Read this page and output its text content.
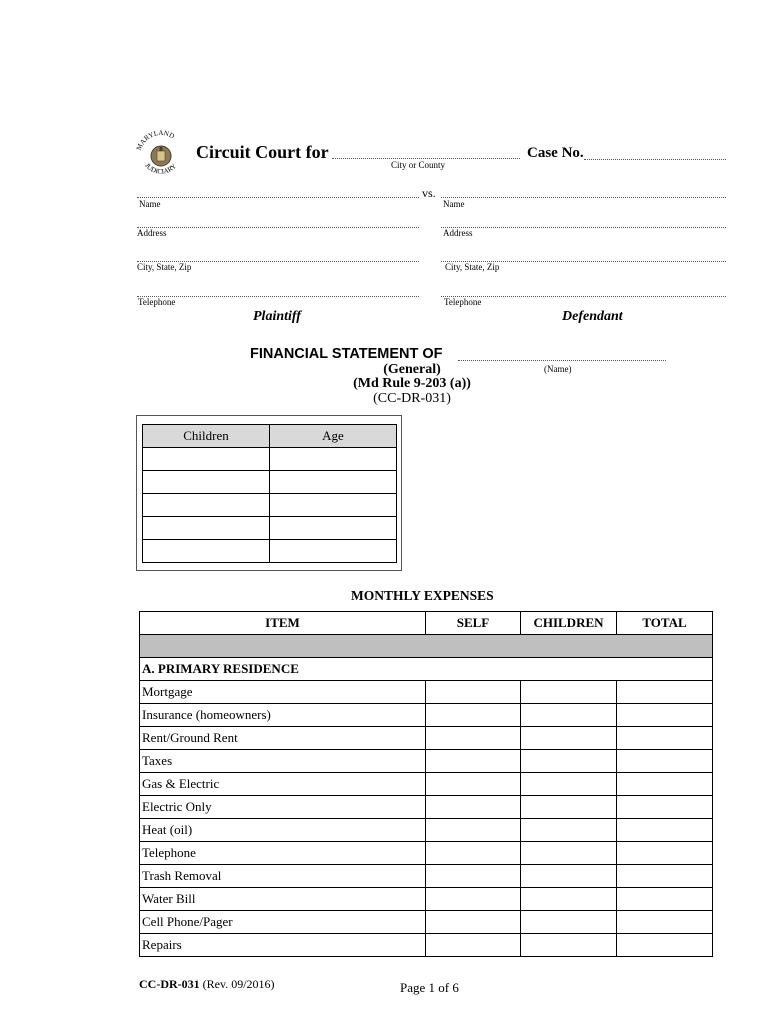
MARYLAND
JUDICIARY
Circuit Court for
City or County
Case No.
vs.
Name	Name
Address	Address
City, State, Zip	City, State, Zip
Telephone	Telephone
Plaintiff	Defendant
FINANCIAL STATEMENT OF
(Name)
(General)
(Md Rule 9-203 (a))
(CC-DR-031)
Children	Age

MONTHLY EXPENSES
ITEM	SELF	CHILDREN	TOTAL

A. PRIMARY RESIDENCE			
Mortgage			
Insurance (homeowners)			
Rent/Ground Rent			
Taxes			
Gas & Electric			
Electric Only			
Heat (oil)			
Telephone			
Trash Removal			
Water Bill			
Cell Phone/Pager			
Repairs			
CC-DR-031 (Rev. 09/2016)	Page 1 of 6
